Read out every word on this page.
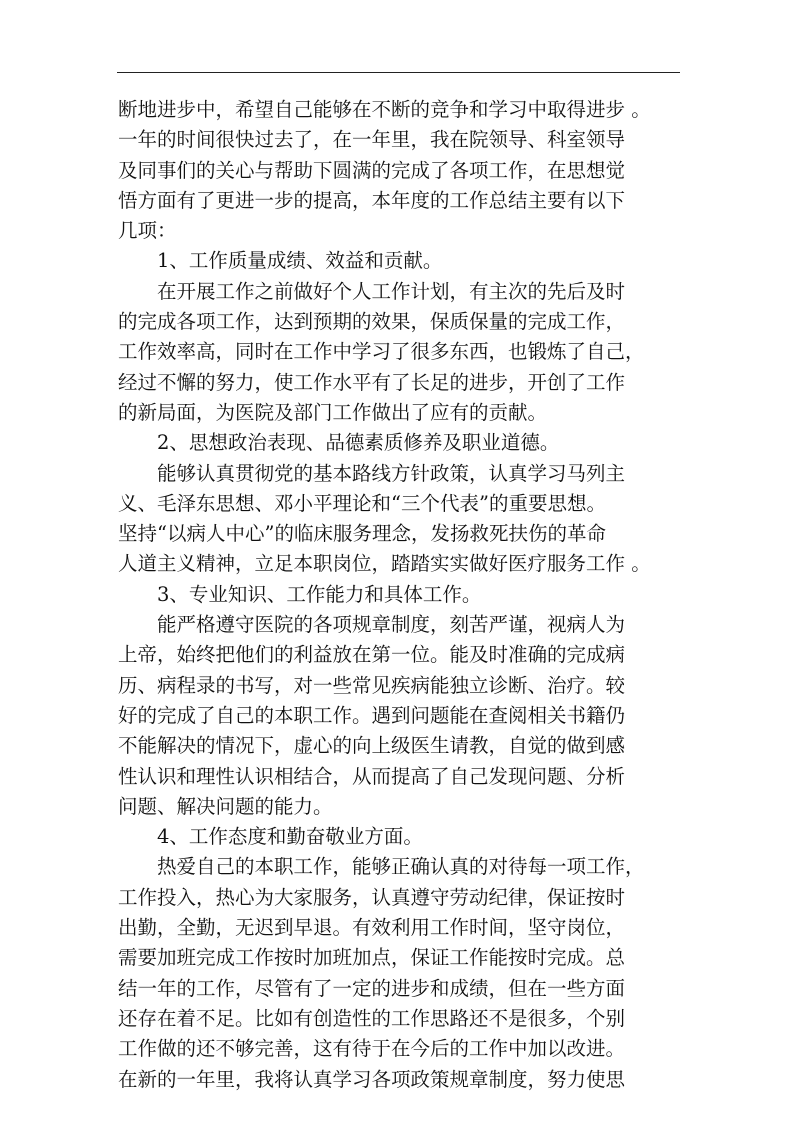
断地进步中，希望自己能够在不断的竞争和学习中取得进步 。
一年的时间很快过去了，在一年里，我在院领导、科室领导
及同事们的关心与帮助下圆满的完成了各项工作，在思想觉
悟方面有了更进一步的提高，本年度的工作总结主要有以下
几项：
1、工作质量成绩、效益和贡献。
在开展工作之前做好个人工作计划，有主次的先后及时
的完成各项工作，达到预期的效果，保质保量的完成工作，
工作效率高，同时在工作中学习了很多东西，也锻炼了自己，
经过不懈的努力，使工作水平有了长足的进步，开创了工作
的新局面，为医院及部门工作做出了应有的贡献。
2、思想政治表现、品德素质修养及职业道德。
能够认真贯彻党的基本路线方针政策，认真学习马列主
义、毛泽东思想、邓小平理论和“三个代表”的重要思想。
坚持“以病人中心”的临床服务理念，发扬救死扶伤的革命
人道主义精神，立足本职岗位，踏踏实实做好医疗服务工作 。
3、专业知识、工作能力和具体工作。
能严格遵守医院的各项规章制度，刻苦严谨，视病人为
上帝，始终把他们的利益放在第一位。能及时准确的完成病
历、病程录的书写，对一些常见疾病能独立诊断、治疗。较
好的完成了自己的本职工作。遇到问题能在查阅相关书籍仍
不能解决的情况下，虚心的向上级医生请教，自觉的做到感
性认识和理性认识相结合，从而提高了自己发现问题、分析
问题、解决问题的能力。
4、工作态度和勤奋敬业方面。
热爱自己的本职工作，能够正确认真的对待每一项工作，
工作投入，热心为大家服务，认真遵守劳动纪律，保证按时
出勤，全勤，无迟到早退。有效利用工作时间，坚守岗位，
需要加班完成工作按时加班加点，保证工作能按时完成。总
结一年的工作，尽管有了一定的进步和成绩，但在一些方面
还存在着不足。比如有创造性的工作思路还不是很多，个别
工作做的还不够完善，这有待于在今后的工作中加以改进。
在新的一年里，我将认真学习各项政策规章制度，努力使思
